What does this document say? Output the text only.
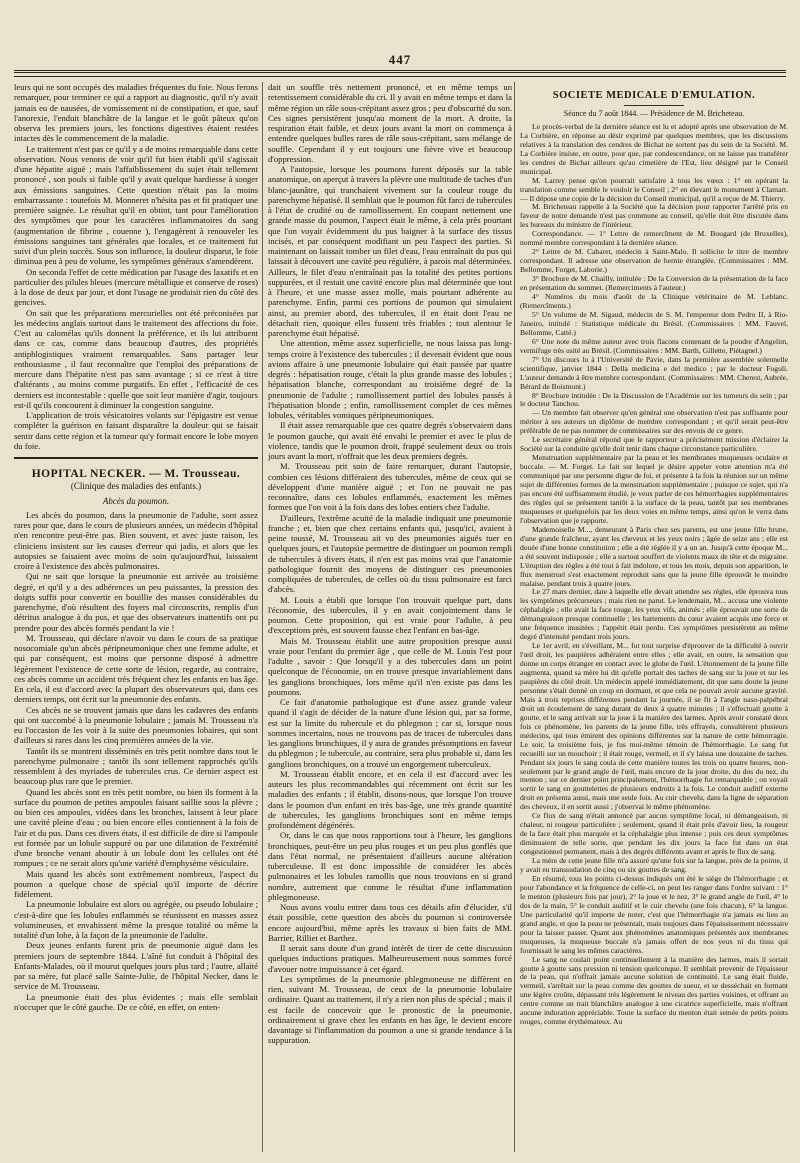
447

leurs qui ne sont occupés des maladies fréquentes du foie. Nous ferons remarquer, pour terminer ce qui a rapport au diagnostic, qu'il n'y avait jamais eu de nausées, de vomissement ni de constipation, et que, sauf l'anorexie, l'enduit blanchâtre de la langue et le goût pâteux qu'on observa les premiers jours, les fonctions digestives étaient restées intactes dès le commencement de la maladie.

Le traitement n'est pas ce qu'il y a de moins remarquable dans cette observation. Nous venons de voir qu'il fut bien établi qu'il s'agissait d'une hépatite aiguë ; mais l'affaiblissement du sujet était tellement prononcé , son pouls si faible qu'il y avait quelque hardiesse à songer aux émissions sanguines. Cette question n'était pas la moins embarrassante : toutefois M. Monneret n'hésita pas et fit pratiquer une première saignée. Le résultat qu'il en obtint, tant pour l'amélioration des symptômes que pour les caractères inflammatoires du sang (augmentation de fibrine , couenne ), l'engagèrent à renouveler les émissions sanguines tant générales que locales, et ce traitement fut suivi d'un plein succès. Sous son influence, la douleur disparut, le foie diminua peu à peu de volume, les symptômes généraux s'amendèrent.

On seconda l'effet de cette médication par l'usage des laxatifs et en particulier des pilules bleues (mercure métallique et conserve de roses) à la dose de deux par jour, et dont l'usage ne produisit rien du côté des gencives.

On sait que les préparations mercurielles ont été préconisées par les médecins anglais surtout dans le traitement des affections du foie. C'est au calomélas qu'ils donnent la préférence, et ils lui attribuent dans ce cas, comme dans beaucoup d'autres, des propriétés antiphlogistiques vraiment remarquables. Sans partager leur enthousiasme , il faut reconnaître que l'emploi des préparations de mercure dans l'hépatite n'est pas sans avantage ; si ce n'est à titre d'altérants , au moins comme purgatifs. En effet , l'efficacité de ces derniers est incontestable : quelle que soit leur manière d'agir, toujours est-il qu'ils concourent à diminuer la congestion sanguine.

L'application de trois vésicatoires volants sur l'épigastre est venue compléter la guérison en faisant disparaître la douleur qui se faisait sentir dans cette région et la tumeur qu'y formait encore le lobe moyen du foie.

HOPITAL NECKER. — M. Trousseau.
(Clinique des maladies des enfants.)
Abcès du poumon.

Les abcès du poumon, dans la pneumonie de l'adulte, sont assez rares pour que, dans le cours de plusieurs années, un médecin d'hôpital n'en rencontre peut-être pas. Bien souvent, et avec juste raison, les cliniciens insistent sur les causes d'erreur qui jadis, et alors que les autopsies se faisaient avec moins de soin qu'aujourd'hui, laissaient croire à l'existence des abcès pulmonaires.

Qui ne sait que lorsque la pneumonie est arrivée au troisième degré, et qu'il y a des adhérences un peu puissantes, la pression des doigts suffit pour convertir en bouillie des masses considérables du parenchyme, d'où résultent des foyers mal circonscrits, remplis d'un détritus analogue à du pus, et que des observateurs inattentifs ont pu prendre pour des abcès formés pendant la vie !

M. Trousseau, qui déclare n'avoir vu dans le cours de sa pratique nosocomiale qu'un abcès péripneumonique chez une femme adulte, et qui par conséquent, est moins que personne disposé à admettre légèrement l'existence de cette sorte de lésion, regarde, au contraire, ces abcès comme un accident très fréquent chez les enfants en bas âge. En cela, il est d'accord avec la plupart des observateurs qui, dans ces derniers temps, ont écrit sur la pneumonie des enfants.

Ces abcès ne se trouvent jamais que dans les cadavres des enfants qui ont succombé à la pneumonie lobulaire ; jamais M. Trousseau n'a eu l'occasion de les voir à la suite des pneumonies lobaires, qui sont d'ailleurs si rares dans les cinq premières années de la vie.

Tantôt ils se montrent disséminés en très petit nombre dans tout le parenchyme pulmonaire ; tantôt ils sont tellement rapprochés qu'ils ressemblent à des myriades de tubercules crus. Ce dernier aspect est beaucoup plus rare que le premier.

Quand les abcès sont en très petit nombre, ou bien ils forment à la surface du poumon de petites ampoules faisant saillie sous la plèvre ; ou bien ces ampoules, vidées dans les bronches, laissent à leur place une cavité pleine d'eau ; ou bien encore elles contiennent à la fois de l'air et du pus. Dans ces divers états, il est difficile de dire si l'ampoule est formée par un lobule suppuré ou par une dilatation de l'extrémité d'une bronche venant aboutir à un lobule dont les cellules ont été rompues ; ce ne serait alors qu'une variété d'emphysème vésiculaire.

Mais quand les abcès sont extrêmement nombreux, l'aspect du poumon a quelque chose de spécial qu'il importe de décrire fidèlement.

La pneumonie lobulaire est alors ou agrégée, ou pseudo lobulaire ; c'est-à-dire que les lobules enflammés se réunissent en masses assez volumineuses, et envahissent même la presque totalité ou même la totalité d'un lobe, à la façon de la pneumonie de l'adulte.

Deux jeunes enfants furent pris de pneumonie aiguë dans les premiers jours de septembre 1844. L'aîné fut conduit à l'hôpital des Enfants-Malades, où il mourut quelques jours plus tard ; l'autre, allaité par sa mère, fut placé salle Sainte-Julie, de l'hôpital Necker, dans le service de M. Trousseau.

La pneumonie était des plus évidentes ; mais elle semblait n'occuper que le côté gauche. De ce côté, en effet, on enten-

dait un souffle très nettement prononcé, et en même temps un retentissement considérable du cri. Il y avait en même temps et dans la même région un râle sous-crépitant assez gros ; peu d'obscurité du son. Ces signes persistèrent jusqu'au moment de la mort. A droite, la respiration était faible, et deux jours avant la mort on commença à entendre quelques bulles rares de râle sous-crépitant, sans mélange de souffle. Cependant il y eut toujours une fièvre vive et beaucoup d'oppression.

A l'autopsie, lorsque les poumons furent déposés sur la table anatomique, on aperçut à travers la plèvre une multitude de taches d'un blanc-jaunâtre, qui tranchaient vivement sur la couleur rouge du parenchyme hépatisé. Il semblait que le poumon fût farci de tubercules à l'état de crudité ou de ramollissement. En coupant nettement une grande masse du poumon, l'aspect était le même, à cela près pourtant que l'on voyait évidemment du pus baigner à la surface des tissus incisés, et par conséquent modifiant un peu l'aspect des parties. Si maintenant on laissait tomber un filet d'eau, l'eau entraînait du pus qui laissait à découvert une cavité peu régulière, à parois mal déterminées. Ailleurs, le filet d'eau n'entraînait pas la totalité des petites portions suppurées, et il restait une cavité encore plus mal déterminée que tout à l'heure, et une masse assez molle, mais pourtant adhérente au parenchyme. Enfin, parmi ces portions de poumon qui simulaient ainsi, au premier abord, des tubercules, il en était dont l'eau ne détachait rien, quoique elles fussent très friables ; tout alentour le parenchyme était hépatisé.

Une attention, même assez superficielle, ne nous laissa pas long-temps croire à l'existence des tubercules ; il devenait évident que nous avions affaire à une pneumonie lobulaire qui était passée par quatre degrés : hépatisation rouge, c'était la plus grande masse des lobules ; hépatisation blanche, correspondant au troisième degré de la pneumonie de l'adulte ; ramollissement partiel des lobules passés à l'hépatisation blonde ; enfin, ramollissement complet de ces mêmes lobules, véritables vomiques péripneumoniques.

Il était assez remarquable que ces quatre degrés s'observaient dans le poumon gauche, qui avait été envahi le premier et avec le plus de violence, tandis que le poumon droit, frappé seulement deux ou trois jours avant la mort, n'offrait que les deux premiers degrés.

M. Trousseau prit soin de faire remarquer, durant l'autopsie, combien ces lésions différaient des tubercules, même de ceux qui se développent d'une manière aiguë ; et l'on ne pouvait ne pas reconnaître, dans ces lobules enflammés, exactement les mêmes formes que l'on voit à la fois dans des lobes entiers chez l'adulte.

D'ailleurs, l'extrême acuité de la maladie indiquait une pneumonie franche ; et, bien que chez certains enfants qui, jusqu'ici, avaient à peine toussé, M. Trousseau ait vu des pneumonies aiguës tuer en quelques jours, et l'autopsie permettre de distinguer un poumon rempli de tubercules à divers états, il n'en est pas moins vrai que l'anatomie pathologique fournit des moyens de distinguer ces pneumonies compliquées de tubercules, de celles où du tissu pulmonaire est farci d'abcès.

M. Louis a établi que lorsque l'on trouvait quelque part, dans l'économie, des tubercules, il y en avait conjointement dans le poumon. Cette proposition, qui est vraie pour l'adulte, à peu d'exceptions près, est souvent fausse chez l'enfant en bas-âge.

Mais M. Trousseau établit une autre proposition presque aussi vraie pour l'enfant du premier âge , que celle de M. Louis l'est pour l'adulte , savoir : Que lorsqu'il y a des tubercules dans un point quelconque de l'économie, on en trouve presque invariablement dans les ganglions bronchiques, lors même qu'il n'en existe pas dans les poumons.

Ce fait d'anatomie pathologique est d'une assez grande valeur quand il s'agit de décider de la nature d'une lésion qui, par sa forme, est sur la limite du tubercule et du phlegmon ; car si, lorsque nous sommes incertains, nous ne trouvons pas de traces de tubercules dans les ganglions bronchiques, il y aura de grandes présomptions en faveur du phlegmon ; le tubercule, au contraire, sera plus probable si, dans les ganglions bronchiques, on a trouvé un engorgement tuberculeux.

M. Trousseau établit encore, et en cela il est d'accord avec les auteurs les plus recommandables qui récemment ont écrit sur les maladies des enfants ; il établit, disons-nous, que lorsque l'on trouve dans le poumon d'un enfant en très bas-âge, une très grande quantité de tubercules, les ganglions bronchiques sont en même temps profondément dégénérés.

Or, dans le cas que nous rapportions tout à l'heure, les ganglions bronchiques, peut-être un peu plus rouges et un peu plus gonflés que dans l'état normal, ne présentaient d'ailleurs aucune altération tuberculeuse. Il est donc impossible de considérer les abcès pulmonaires et les lobules ramollis que nous trouvions en si grand nombre, autrement que comme le résultat d'une inflammation phlegmoneuse.

Nous avons voulu entrer dans tous ces détails afin d'élucider, s'il était possible, cette question des abcès du poumon si controversée encore aujourd'hui, même après les travaux si bien faits de MM. Barrier, Rilliet et Barthez.

Il serait sans doute d'un grand intérêt de tirer de cette discussion quelques inductions pratiques. Malheureusement nous sommes forcé d'avouer notre impuissance à cet égard.

Les symptômes de la pneumonie phlegmoneuse ne diffèrent en rien, suivant M. Trousseau, de ceux de la pneumonie lobulaire ordinaire. Quant au traitement, il n'y a rien non plus de spécial ; mais il est facile de concevoir que le pronostic de la pneumonie, ordinairement si grave chez les enfants en bas âge, le devient encore davantage si l'inflammation du poumon a une si grande tendance à la suppuration.

SOCIETE MEDICALE D'EMULATION.
Séance du 7 août 1844. — Présidence de M. Bricheteau.

Le procès-verbal de la dernière séance est lu et adopté après une observation de M. La Corbière, en réponse au désir exprimé par quelques membres, que les discussions relatives à la translation des cendres de Bichat ne sortent pas du sein de la Société. M. La Corbière insiste, en outre, pour que, par condescendance, on ne laisse pas transférer les cendres de Bichat ailleurs qu'au cimetière de l'Est, lieu désigné par le Conseil municipal.

M. Larrey pense qu'on pourrait satisfaire à tous les vœux : 1° en opérant la translation comme semble le vouloir le Conseil ; 2° en élevant le monument à Clamart. — Il dépose une copie de la décision du Conseil municipal, qu'il a reçue de M. Thierry.

M. Bricheteau rappelle à la Société que la décision pour rapporter l'arrêté pris en faveur de notre demande n'est pas commune au conseil, qu'elle doit être discutée dans les bureaux du ministre de l'intérieur.

Correspondance. — 1° Lettre de remercîment de M. Bougard (de Bruxelles), nommé membre correspondant à la dernière séance.

2° Lettre de M. Cabaret, médecin à Saint-Malo. Il sollicite le titre de membre correspondant. Il adresse une observation de hernie étranglée. (Commissaires : MM. Bellomme, Forget, Laborie.)

3° Brochure de M. Chailly, intitulée : De la Conversion de la présentation de la face en présentation du sommet. (Remerciments à l'auteur.)

4° Numéros du mois d'août de la Clinique vétérinaire de M. Leblanc. (Remercîments.)

5° Un volume de M. Sigaud, médecin de S. M. l'empereur dom Pedro II, à Rio-Janeiro, intitulé : Statistique médicale du Brésil. (Commissaires : MM. Fauvel, Bellomme, Catté.)

6° Une note du même auteur avec trois flacons contenant de la poudre d'Angelim, vermifuge très usité au Brésil. (Commissaires : MM. Barth, Gillette, Piétagnel.)

7° Un discours lu à l'Université de Pavie, dans la première assemblée solennelle scientifique, janvier 1844 : Della medicina e del medico ; par le docteur Foguli. L'auteur demande à être membre correspondant. (Commissaires : MM. Cherest, Aubrée, Bérard de Boismont.)

8° Brochure intitulée : De la Discussion de l'Académie sur les tumeurs du sein ; par le docteur Tanchou.

— Un membre fait observer qu'en général une observation n'est pas suffisante pour mériter à ses auteurs un diplôme de membre correspondant ; et qu'il serait peut-être préférable de ne pas nommer de commissaires sur des envois de ce genre.

Le secrétaire général répond que le rapporteur a précisément mission d'éclairer la Société sur la conduite qu'elle doit tenir dans chaque circonstance particulière.

Menstruation supplémentaire par la peau et les membranes muqueuses oculaire et buccale. — M. Forget. Le fait sur lequel je désire appeler votre attention m'a été communiqué par une personne digne de foi, et présente à la fois la réunion sur un même sujet de différentes formes de la menstruation supplémentaire ; puisque ce sujet, qui n'a pas encore été suffisamment étudié, je veux parler de ces hémorrhagies supplémentaires des règles qui se présentent tantôt à la surface de la peau, tantôt par ses membranes muqueuses et quelquefois par les deux voies en même temps, ainsi qu'on le verra dans l'observation que je rapporte.

Mademoiselle M..., demeurant à Paris chez ses parents, est une jeune fille brune, d'une grande fraîcheur, ayant les cheveux et les yeux noirs ; âgée de seize ans ; elle est douée d'une bonne constitution ; elle a été réglée il y a un an. Jusqu'à cette époque M... a été souvent indisposée ; elle a surtout souffert de violents maux de tête et de migraine. L'éruption des règles a été tout à fait indolore, et tous les mois, depuis son apparition, le flux menstruel s'est exactement reproduit sans que la jeune fille éprouvât le moindre malaise, pendant trois à quatre jours.

Le 27 mars dernier, date à laquelle elle devait attendre ses règles, elle éprouva tous les symptômes précurseurs ; mais rien ne parut. Le lendemain, M... accusa une violente céphalalgie ; elle avait la face rouge, les yeux vifs, animés ; elle éprouvait une sorte de démangeaison presque continuelle ; les battements du cœur avaient acquis une force et une fréquence inusitées ; l'appétit était perdu. Ces symptômes persistèrent au même degré d'intensité pendant trois jours.

Le 1er avril, en s'éveillant, M... fut tout surprise d'éprouver de la difficulté à ouvrir l'œil droit, les paupières adhéraient entre elles ; elle avait, en outre, la sensation que donne un corps étranger en contact avec le globe de l'œil. L'étonnement de la jeune fille augmenta, quand sa mère lui dit qu'elle portait des taches de sang sur la joue et sur les paupières du côté droit. Un médecin appelé immédiatement, dit que sans doute la jeune personne s'était donné un coup en dormant, et que cela ne pouvait avoir aucune gravité. Mais à trois reprises différentes pendant la journée, il se fit à l'angle naso-palpébral droit un écoulement de sang durant de deux à quatre minutes ; il s'effectuait goutte à goutte, et le sang arrivait sur la joue à la manière des larmes. Après avoir constaté deux fois ce phénomène, les parents de la jeune fille, très effrayés, consultèrent plusieurs médecins, qui tous émirent des opinions différentes sur la nature de cette hémorragie. Le soir, la troisième fois, je fus moi-même témoin de l'hémorrhagie. Le sang fut recueilli sur un mouchoir ; il était rouge, vermeil, et il s'y laissa une douzaine de taches. Pendant six jours le sang coula de cette manière toutes les trois ou quatre heures, non-seulement par le grand angle de l'œil, mais encore de la joue droite, du dos du nez, du menton ; sur ce dernier point principalement, l'hémorrhagie fut remarquable ; on voyait sortir le sang en gouttelettes de plusieurs endroits à la fois. Le conduit auditif externe droit en présenta aussi, mais une seule fois. Au cuir chevelu, dans la ligne de séparation des cheveux, il en sortit aussi ; j'observai le même phénomène.

Ce flux de sang n'était annoncé par aucun symptôme local, ni démangeaison, ni chaleur, ni rougeur particulière ; seulement, quand il était près d'avoir lieu, la rougeur de la face était plus marquée et la céphalalgie plus intense ; puis ces deux symptômes diminuaient de telle sorte, que pendant les dix jours la face fut dans un état congestionnel permanent, mais à des degrés différents avant et après le flux de sang.

La mère de cette jeune fille m'a assuré qu'une fois sur la langue, près de la pointe, il y avait eu transsudation de cinq ou six gouttes de sang.

En résumé, tous les points ci-dessus indiqués ont été le siège de l'hémorrhagie ; et pour l'abondance et la fréquence de celle-ci, on peut les ranger dans l'ordre suivant : 1° le menton (plusieurs fois par jour), 2° la joue et le nez, 3° le grand angle de l'œil, 4° le dos de la main, 5° le conduit auditif et le cuir chevelu (une fois chacun), 6° la langue. Une particularité qu'il importe de noter, c'est que l'hémorrhagie n'a jamais eu lieu au grand angle, et que la peau ne présentait, mais toujours dans l'épaississement nécessaire pour la laisser passer. Quant aux phénomènes anatomiques présentés aux membranes muqueuses, la muqueuse buccale n'a jamais offert de nos yeux ni du tissu qui fournissait le sang les mêmes caractères.

Le sang ne coulait point continuellement à la manière des larmes, mais il sortait goutte à goutte sans pression ni tension quelconque. Il semblait provenir de l'épaisseur de la peau, qui n'offrait jamais aucune solution de continuité. Le sang était fluide, vermeil, s'arrêtait sur la peau comme des gouttes de sueur, et se desséchait en formant une légère croûte, dépassant très légèrement le niveau des parties voisines, et offrant au centre comme un trait blanchâtre analogue à une cicatrice superficielle, mais n'offrant aucune induration appréciable. Toute la surface du menton était semée de petits points rouges, comme érythémateux. Au
